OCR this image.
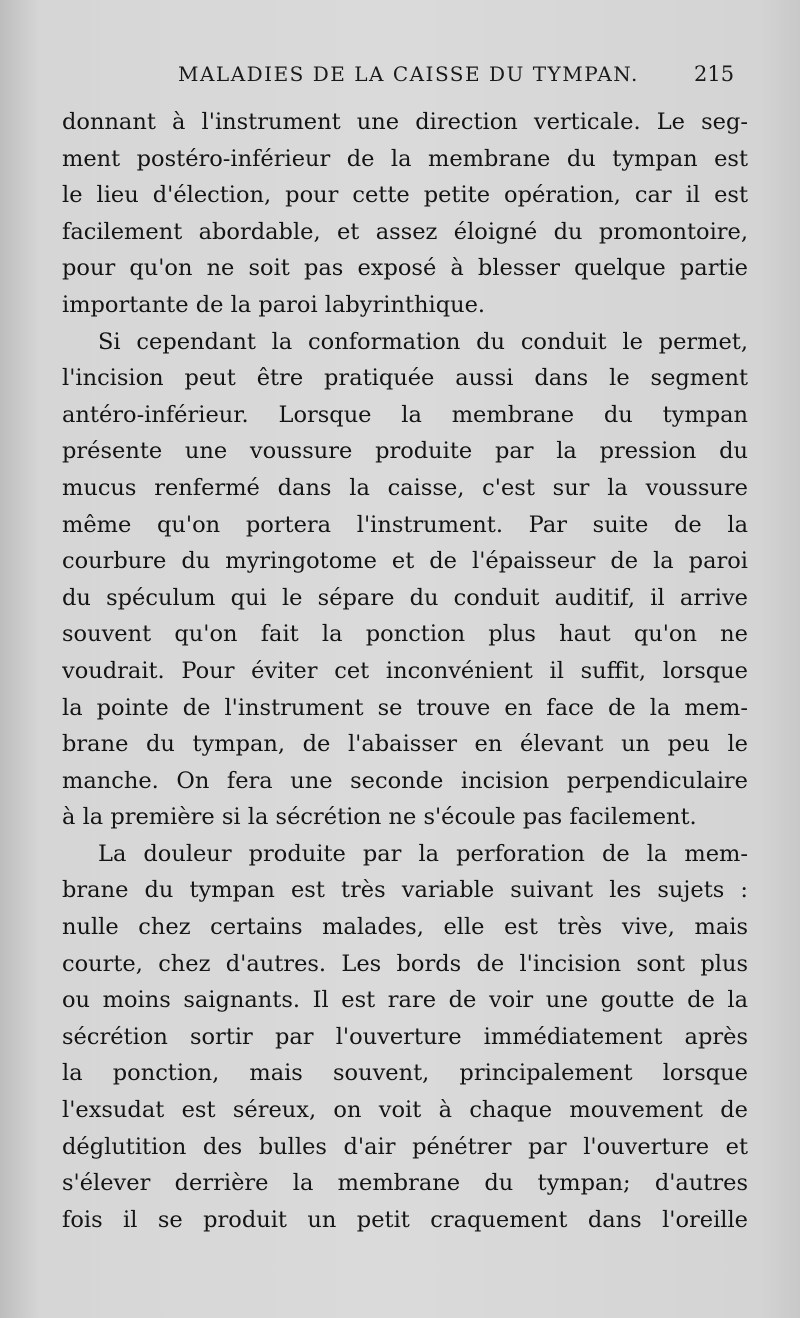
MALADIES DE LA CAISSE DU TYMPAN.	215
donnant à l'instrument une direction verticale. Le seg-
ment postéro-inférieur de la membrane du tympan est
le lieu d'élection, pour cette petite opération, car il est
facilement abordable, et assez éloigné du promontoire,
pour qu'on ne soit pas exposé à blesser quelque partie
importante de la paroi labyrinthique.
Si cependant la conformation du conduit le permet,
l'incision peut être pratiquée aussi dans le segment
antéro-inférieur. Lorsque la membrane du tympan
présente une voussure produite par la pression du
mucus renfermé dans la caisse, c'est sur la voussure
même qu'on portera l'instrument. Par suite de la
courbure du myringotome et de l'épaisseur de la paroi
du spéculum qui le sépare du conduit auditif, il arrive
souvent qu'on fait la ponction plus haut qu'on ne
voudrait. Pour éviter cet inconvénient il suffit, lorsque
la pointe de l'instrument se trouve en face de la mem-
brane du tympan, de l'abaisser en élevant un peu le
manche. On fera une seconde incision perpendiculaire
à la première si la sécrétion ne s'écoule pas facilement.
La douleur produite par la perforation de la mem-
brane du tympan est très variable suivant les sujets :
nulle chez certains malades, elle est très vive, mais
courte, chez d'autres. Les bords de l'incision sont plus
ou moins saignants. Il est rare de voir une goutte de la
sécrétion sortir par l'ouverture immédiatement après
la ponction, mais souvent, principalement lorsque
l'exsudat est séreux, on voit à chaque mouvement de
déglutition des bulles d'air pénétrer par l'ouverture et
s'élever derrière la membrane du tympan; d'autres
fois il se produit un petit craquement dans l'oreille
